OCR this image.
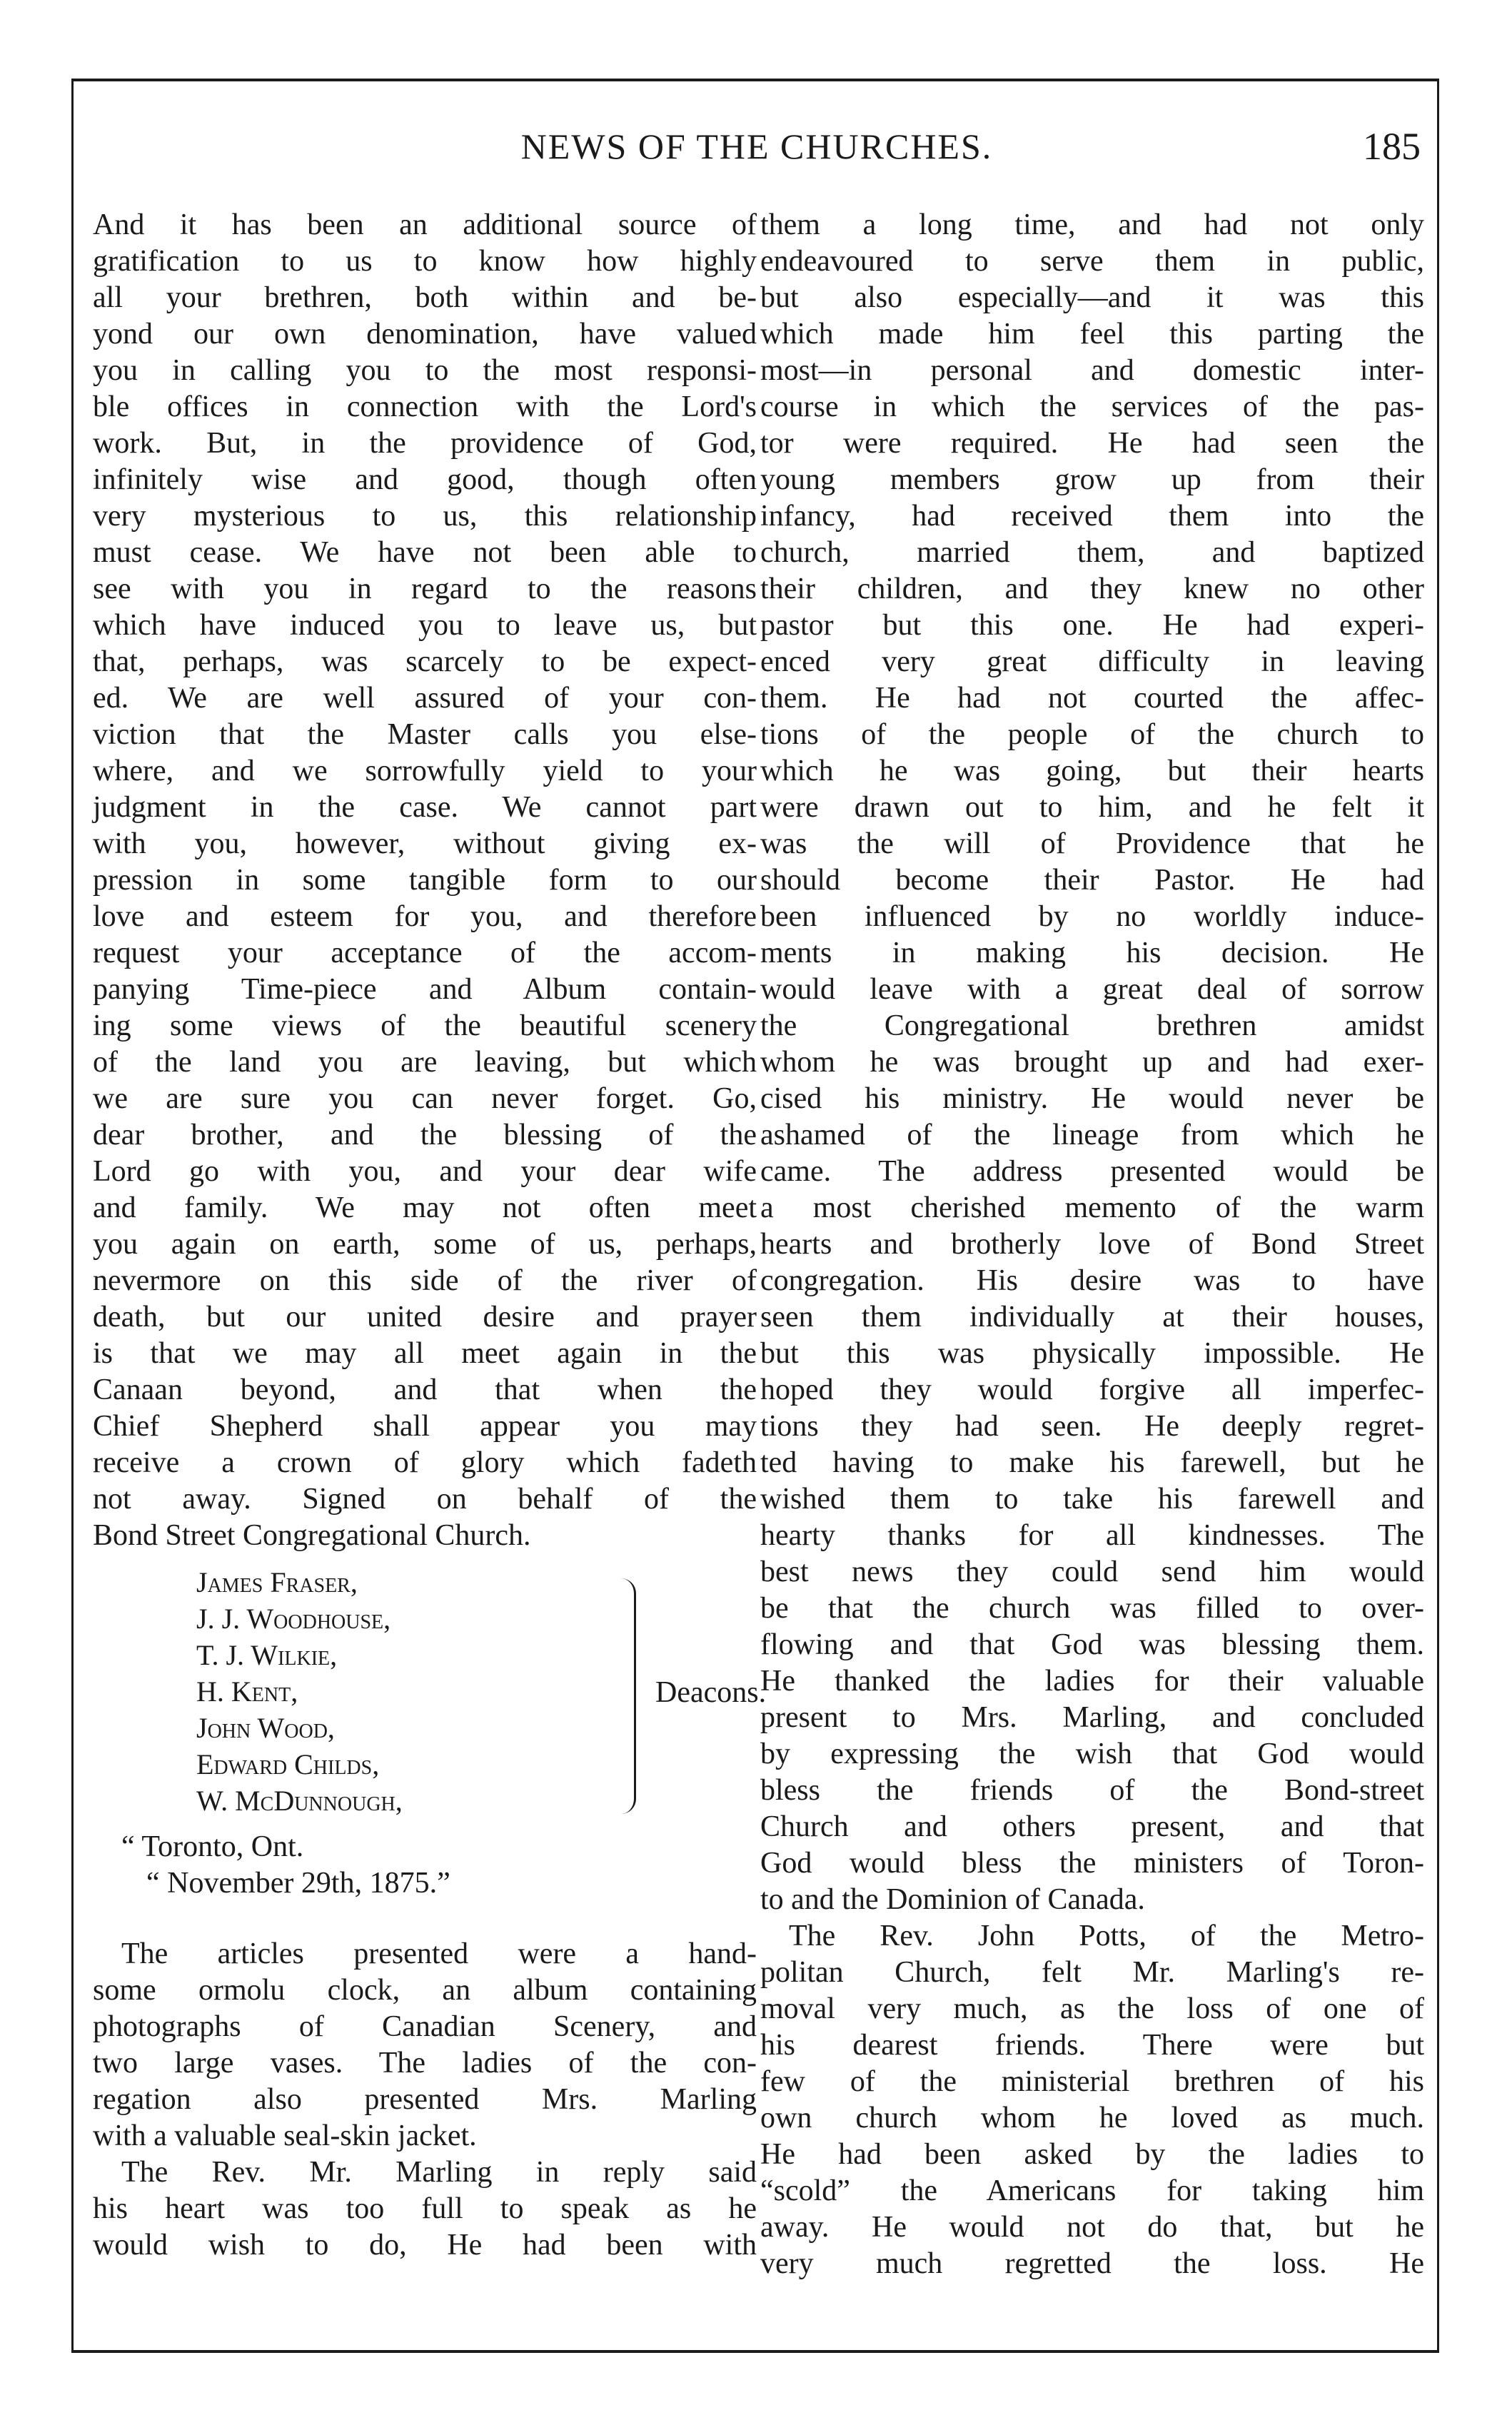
NEWS OF THE CHURCHES.	185
And it has been an additional source of
gratification to us to know how highly
all your brethren, both within and be-
yond our own denomination, have valued
you in calling you to the most responsi-
ble offices in connection with the Lord's
work. But, in the providence of God,
infinitely wise and good, though often
very mysterious to us, this relationship
must cease. We have not been able to
see with you in regard to the reasons
which have induced you to leave us, but
that, perhaps, was scarcely to be expect-
ed. We are well assured of your con-
viction that the Master calls you else-
where, and we sorrowfully yield to your
judgment in the case. We cannot part
with you, however, without giving ex-
pression in some tangible form to our
love and esteem for you, and therefore
request your acceptance of the accom-
panying Time-piece and Album contain-
ing some views of the beautiful scenery
of the land you are leaving, but which
we are sure you can never forget. Go,
dear brother, and the blessing of the
Lord go with you, and your dear wife
and family. We may not often meet
you again on earth, some of us, perhaps,
nevermore on this side of the river of
death, but our united desire and prayer
is that we may all meet again in the
Canaan beyond, and that when the
Chief Shepherd shall appear you may
receive a crown of glory which fadeth
not away. Signed on behalf of the
Bond Street Congregational Church.
James Fraser,
J. J. Woodhouse,
T. J. Wilkie,
H. Kent,
John Wood,
Edward Childs,
W. McDunnough,
Deacons.
“ Toronto, Ont.
“ November 29th, 1875.”
The articles presented were a hand-
some ormolu clock, an album containing
photographs of Canadian Scenery, and
two large vases. The ladies of the con-
regation also presented Mrs. Marling
with a valuable seal-skin jacket.
The Rev. Mr. Marling in reply said
his heart was too full to speak as he
would wish to do, He had been with
them a long time, and had not only
endeavoured to serve them in public,
but also especially—and it was this
which made him feel this parting the
most—in personal and domestic inter-
course in which the services of the pas-
tor were required. He had seen the
young members grow up from their
infancy, had received them into the
church, married them, and baptized
their children, and they knew no other
pastor but this one. He had experi-
enced very great difficulty in leaving
them. He had not courted the affec-
tions of the people of the church to
which he was going, but their hearts
were drawn out to him, and he felt it
was the will of Providence that he
should become their Pastor. He had
been influenced by no worldly induce-
ments in making his decision. He
would leave with a great deal of sorrow
the Congregational brethren amidst
whom he was brought up and had exer-
cised his ministry. He would never be
ashamed of the lineage from which he
came. The address presented would be
a most cherished memento of the warm
hearts and brotherly love of Bond Street
congregation. His desire was to have
seen them individually at their houses,
but this was physically impossible. He
hoped they would forgive all imperfec-
tions they had seen. He deeply regret-
ted having to make his farewell, but he
wished them to take his farewell and
hearty thanks for all kindnesses. The
best news they could send him would
be that the church was filled to over-
flowing and that God was blessing them.
He thanked the ladies for their valuable
present to Mrs. Marling, and concluded
by expressing the wish that God would
bless the friends of the Bond-street
Church and others present, and that
God would bless the ministers of Toron-
to and the Dominion of Canada.
The Rev. John Potts, of the Metro-
politan Church, felt Mr. Marling's re-
moval very much, as the loss of one of
his dearest friends. There were but
few of the ministerial brethren of his
own church whom he loved as much.
He had been asked by the ladies to
“scold” the Americans for taking him
away. He would not do that, but he
very much regretted the loss. He
